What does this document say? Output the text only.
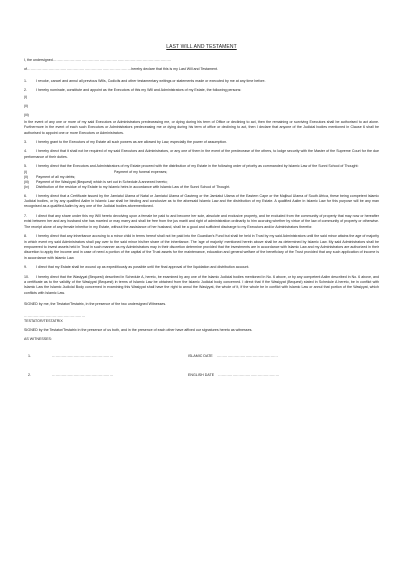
LAST WILL AND TESTAMENT
I, the undersigned………………………………………………………………………………………
of……………………………………………………………………………hereby declare that this is my Last Will and Testament.
1.	I revoke, cancel and annul all previous Wills, Codicils and other testamentary writings or statements made or executed by me at any time before.
2.	I hereby nominate, constitute and appoint as the Executors of this my Will and Administrators of my Estate, the following persons:
(i)
(ii)
(iii)
In the event of any one or more of my said Executors or Administrators predeceasing me, or dying during his term of Office or declining to act, then the remaining or surviving Executors shall be authorised to act alone. Furthermore in the event of each such Executors or Administrators predeceasing me or dying during his term of office or declining to act, then I declare that anyone of the Judicial bodies mentioned in Clause 6 shall be authorised to appoint one or more Executors or Administrators.
3.	I hereby grant to the Executors of my Estate all such powers as are allowed by Law, especially the power of assumption.
4.	I hereby direct that it shall not be required of my said Executors and Administrators, or any one of them in the event of the predecease of the others, to lodge security with the Master of the Supreme Court for the due performance of their duties.
5.	I hereby direct that the Executors and Administrators of my Estate proceed with the distribution of my Estate in the following order of priority as commanded by Islamic Law of the Sunni School of Thought:
(i)	Payment of my funeral expenses;
(ii)	Payment of all my debts;
(iii)	Payment of the Wasiyyat (Bequest) which is set out in Schedule A annexed hereto;
(iv)	Distribution of the residue of my Estate to my Islamic heirs in accordance with Islamic Law of the Sunni School of Thought.
6.	I hereby direct that a Certificate issued by the Jamiatul Ulama of Natal or Jamiatul Ulama of Gauteng or the Jamiatul Ulama of the Eastern Cape or the Majlisul Ulama of South Africa, these being competent Islamic Judicial bodies, or by any qualified Aalim in Islamic Law shall be binding and conclusive as to the aforesaid Islamic Law and the distribution of my Estate. A qualified Aalim in Islamic Law for this purpose will be any man recognised as a qualified Aalim by any one of the Judicial bodies aforementioned.
7.	I direct that any share under this my Will hereto devolving upon a female be paid to and become her sole, absolute and exclusive property, and be excluded from the community of property that may now or hereafter exist between her and any husband she has married or may marry and shall be free from the jus mariti and right of administration ordinarily to him accruing whether by virtue of the law of community of property or otherwise. The receipt alone of any female inheritor in my Estate, without the assistance of her husband, shall be a good and sufficient discharge to my Executors and/or Administrators therefor.
8.	I hereby direct that any inheritance accruing to a minor child in terms hereof shall not be paid into the Guardian's Fund but shall be held in Trust by my said Administrators until the said minor attains the age of majority in which event my said Administrators shall pay over to the said minor his/her share of the inheritance. The 'age of majority' mentioned herein above shall be as determined by Islamic Law. My said Administrators shall be empowered to invest assets held in Trust in such manner as my Administrators may in their discretion determine provided that the investments are in accordance with Islamic Law and my Administrators are authorized in their discretion to apply the income and in case of need a portion of the capital of the Trust assets for the maintenance, education and general welfare of the beneficiary of the Trust provided that any such application of income is in accordance with Islamic Law.
9.	I direct that my Estate shall be wound up as expeditiously as possible until the final approval of the liquidation and distribution account.
10. I hereby direct that the Wasiyyat (Bequest) described in Schedule A, hereto, be examined by any one of the Islamic Judicial bodies mentioned in No. 6 above, or by any competent Aalim described in No. 6 above, and a certificate as to the validity of the Wasiyyat (Bequest) in terms of Islamic Law be obtained from the Islamic Judicial body concerned. I direct that if the Wasiyyat (Bequest) stated in Schedule A hereto, be in conflict with Islamic Law the Islamic Judicial Body concerned in examining this Wasiyyat shall have the right to annul the Wasiyyat, the whole of it, if the whole be in conflict with Islamic Law or annul that portion of the Wasiyyat, which conflicts with Islamic Law.
SIGNED by me, the Testator/Testatrix, in the presence of the two undersigned Witnesses.
……………………………………………
TESTATOR/TESTATRIX
SIGNED by the Testator/Testatrix in the presence of us both, and in the presence of each other have affixed our signatures hereto as witnesses.
AS WITNESSES:
1.	……………………………………………	ISLAMIC DATE ……………………………………………
2.	……………………………………………	ENGLISH DATE ……………………………………………
